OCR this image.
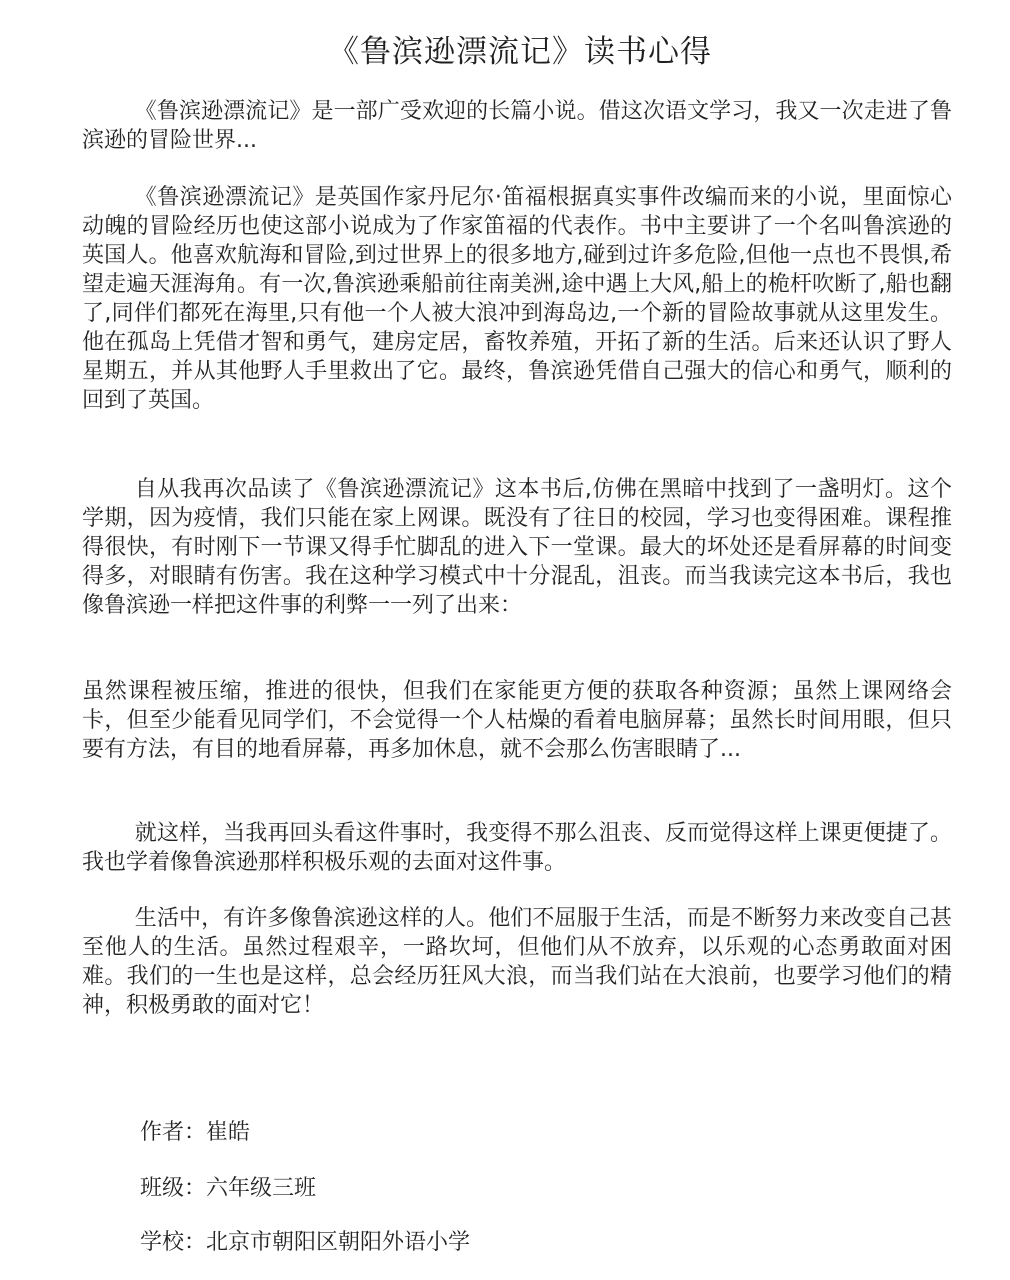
《鲁滨逊漂流记》读书心得

《鲁滨逊漂流记》是一部广受欢迎的长篇小说。借这次语文学习，我又一次走进了鲁滨逊的冒险世界...

《鲁滨逊漂流记》是英国作家丹尼尔·笛福根据真实事件改编而来的小说，里面惊心动魄的冒险经历也使这部小说成为了作家笛福的代表作。书中主要讲了一个名叫鲁滨逊的英国人。他喜欢航海和冒险,到过世界上的很多地方,碰到过许多危险,但他一点也不畏惧,希望走遍天涯海角。有一次,鲁滨逊乘船前往南美洲,途中遇上大风,船上的桅杆吹断了,船也翻了,同伴们都死在海里,只有他一个人被大浪冲到海岛边,一个新的冒险故事就从这里发生。他在孤岛上凭借才智和勇气，建房定居，畜牧养殖，开拓了新的生活。后来还认识了野人星期五，并从其他野人手里救出了它。最终，鲁滨逊凭借自己强大的信心和勇气，顺利的回到了英国。

自从我再次品读了《鲁滨逊漂流记》这本书后,仿佛在黑暗中找到了一盏明灯。这个学期，因为疫情，我们只能在家上网课。既没有了往日的校园，学习也变得困难。课程推得很快，有时刚下一节课又得手忙脚乱的进入下一堂课。最大的坏处还是看屏幕的时间变得多，对眼睛有伤害。我在这种学习模式中十分混乱，沮丧。而当我读完这本书后，我也像鲁滨逊一样把这件事的利弊一一列了出来：

虽然课程被压缩，推进的很快，但我们在家能更方便的获取各种资源；虽然上课网络会卡，但至少能看见同学们，不会觉得一个人枯燥的看着电脑屏幕；虽然长时间用眼，但只要有方法，有目的地看屏幕，再多加休息，就不会那么伤害眼睛了...

就这样，当我再回头看这件事时，我变得不那么沮丧、反而觉得这样上课更便捷了。我也学着像鲁滨逊那样积极乐观的去面对这件事。

生活中，有许多像鲁滨逊这样的人。他们不屈服于生活，而是不断努力来改变自己甚至他人的生活。虽然过程艰辛，一路坎坷，但他们从不放弃，以乐观的心态勇敢面对困难。我们的一生也是这样，总会经历狂风大浪，而当我们站在大浪前，也要学习他们的精神，积极勇敢的面对它！

作者：崔皓
班级：六年级三班
学校：北京市朝阳区朝阳外语小学
